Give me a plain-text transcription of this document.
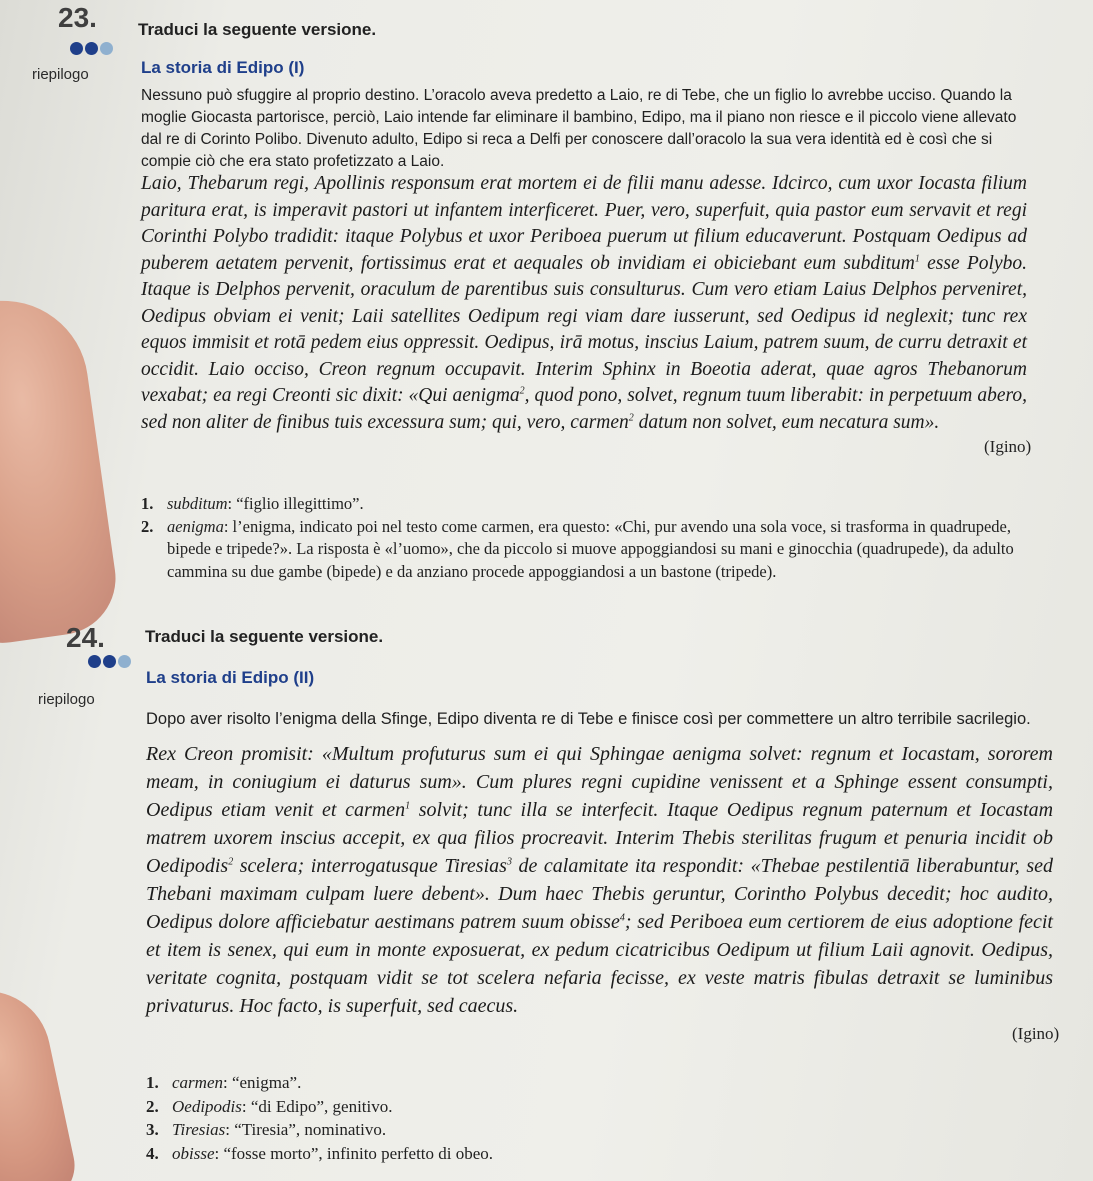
23. Traduci la seguente versione.
riepilogo	La storia di Edipo (I)
Nessuno può sfuggire al proprio destino. L’oracolo aveva predetto a Laio, re di Tebe, che un figlio lo avrebbe ucciso. Quando la moglie Giocasta partorisce, perciò, Laio intende far eliminare il bambino, Edipo, ma il piano non riesce e il piccolo viene allevato dal re di Corinto Polibo. Divenuto adulto, Edipo si reca a Delfi per conoscere dall’oracolo la sua vera identità ed è così che si compie ciò che era stato profetizzato a Laio.
Laio, Thebarum regi, Apollinis responsum erat mortem ei de filii manu adesse. Idcirco, cum uxor Iocasta filium paritura erat, is imperavit pastori ut infantem interficeret. Puer, vero, superfuit, quia pastor eum servavit et regi Corinthi Polybo tradidit: itaque Polybus et uxor Periboea puerum ut filium educaverunt. Postquam Oedipus ad puberem aetatem pervenit, fortissimus erat et aequales ob invidiam ei obiciebant eum subditum$^1$ esse Polybo. Itaque is Delphos pervenit, oraculum de parentibus suis consulturus. Cum vero etiam Laius Delphos perveniret, Oedipus obviam ei venit; Laii satellites Oedipum regi viam dare iusserunt, sed Oedipus id neglexit; tunc rex equos immisit et rotā pedem eius oppressit. Oedipus, irā motus, inscius Laium, patrem suum, de curru detraxit et occidit. Laio occiso, Creon regnum occupavit. Interim Sphinx in Boeotia aderat, quae agros Thebanorum vexabat; ea regi Creonti sic dixit: «Qui aenigma$^2$, quod pono, solvet, regnum tuum liberabit: in perpetuum abero, sed non aliter de finibus tuis excessura sum; qui, vero, carmen$^2$ datum non solvet, eum necatura sum».
(Igino)
1. subditum: “figlio illegittimo”.
2. aenigma: l’enigma, indicato poi nel testo come carmen, era questo: «Chi, pur avendo una sola voce, si trasforma in quadrupede, bipede e tripede?». La risposta è «l’uomo», che da piccolo si muove appoggiandosi su mani e ginocchia (quadrupede), da adulto cammina su due gambe (bipede) e da anziano procede appoggiandosi a un bastone (tripede).
24. Traduci la seguente versione.
riepilogo
La storia di Edipo (II)

Dopo aver risolto l’enigma della Sfinge, Edipo diventa re di Tebe e finisce così per commettere un altro terribile sacrilegio.
Rex Creon promisit: «Multum profuturus sum ei qui Sphingae aenigma solvet: regnum et Iocastam, sororem meam, in coniugium ei daturus sum». Cum plures regni cupidine venissent et a Sphinge essent consumpti, Oedipus etiam venit et carmen$^1$ solvit; tunc illa se interfecit. Itaque Oedipus regnum paternum et Iocastam matrem uxorem inscius accepit, ex qua filios procreavit. Interim Thebis sterilitas frugum et penuria incidit ob Oedipodis$^2$ scelera; interrogatusque Tiresias$^3$ de calamitate ita respondit: «Thebae pestilentiā liberabuntur, sed Thebani maximam culpam luere debent». Dum haec Thebis geruntur, Corintho Polybus decedit; hoc audito, Oedipus dolore afficiebatur aestimans patrem suum obisse$^4$; sed Periboea eum certiorem de eius adoptione fecit et item is senex, qui eum in monte exposuerat, ex pedum cicatricibus Oedipum ut filium Laii agnovit. Oedipus, veritate cognita, postquam vidit se tot scelera nefaria fecisse, ex veste matris fibulas detraxit se luminibus privaturus. Hoc facto, is superfuit, sed caecus.
(Igino)
1. carmen: “enigma”.
2. Oedipodis: “di Edipo”, genitivo.
3. Tiresias: “Tiresia”, nominativo.
4. obisse: “fosse morto”, infinito perfetto di obeo.
